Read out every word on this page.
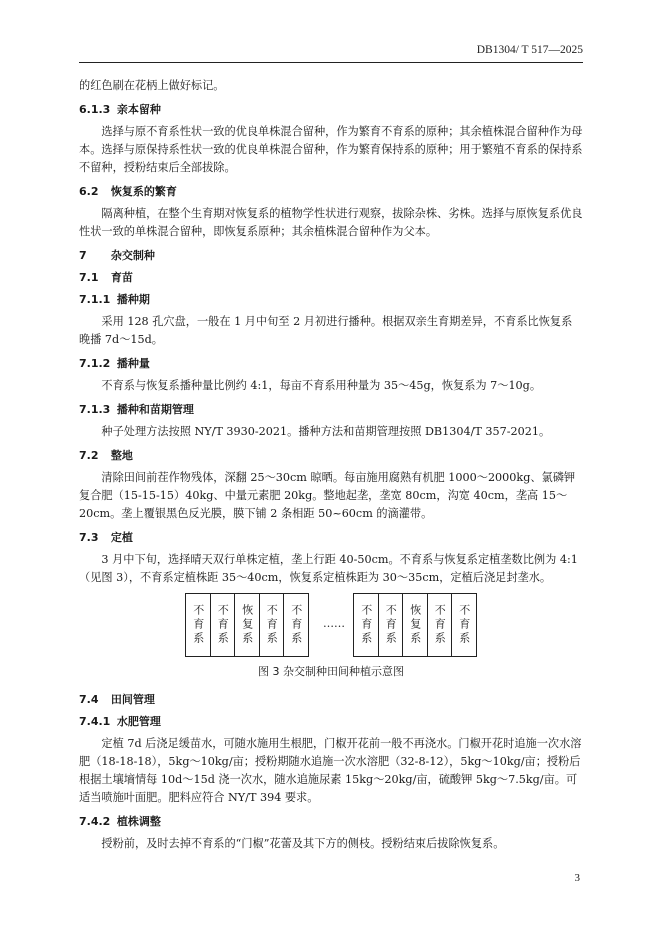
DB1304/ T 517—2025

的红色刷在花柄上做好标记。

6.1.3 亲本留种

选择与原不育系性状一致的优良单株混合留种，作为繁育不育系的原种；其余植株混合留种作为母本。选择与原保持系性状一致的优良单株混合留种，作为繁育保持系的原种；用于繁殖不育系的保持系不留种，授粉结束后全部拔除。

6.2 恢复系的繁育

隔离种植，在整个生育期对恢复系的植物学性状进行观察，拔除杂株、劣株。选择与原恢复系优良性状一致的单株混合留种，即恢复系原种；其余植株混合留种作为父本。

7 杂交制种
7.1 育苗
7.1.1 播种期

采用 128 孔穴盘，一般在 1 月中旬至 2 月初进行播种。根据双亲生育期差异，不育系比恢复系晚播 7d～15d。

7.1.2 播种量

不育系与恢复系播种量比例约 4:1，每亩不育系用种量为 35～45g，恢复系为 7～10g。

7.1.3 播种和苗期管理

种子处理方法按照 NY/T 3930-2021。播种方法和苗期管理按照 DB1304/T 357-2021。

7.2 整地

清除田间前茬作物残体，深翻 25～30cm 晾晒。每亩施用腐熟有机肥 1000～2000kg、氯磷钾复合肥（15-15-15）40kg、中量元素肥 20kg。整地起垄，垄宽 80cm，沟宽 40cm，垄高 15～20cm。垄上覆银黑色反光膜，膜下铺 2 条相距 50~60cm 的滴灌带。

7.3 定植

3 月中下旬，选择晴天双行单株定植，垄上行距 40-50cm。不育系与恢复系定植垄数比例为 4:1（见图 3），不育系定植株距 35～40cm，恢复系定植株距为 30～35cm，定植后浇足封垄水。

不育系	不育系	恢复系	不育系	不育系	……	不育系	不育系	恢复系	不育系	不育系

图 3 杂交制种田间种植示意图

7.4 田间管理
7.4.1 水肥管理

定植 7d 后浇足缓苗水，可随水施用生根肥，门椒开花前一般不再浇水。门椒开花时追施一次水溶肥（18-18-18），5kg～10kg/亩；授粉期随水追施一次水溶肥（32-8-12），5kg～10kg/亩；授粉后根据土壤墒情每 10d～15d 浇一次水，随水追施尿素 15kg～20kg/亩，硫酸钾 5kg～7.5kg/亩。可适当喷施叶面肥。肥料应符合 NY/T 394 要求。

7.4.2 植株调整

授粉前，及时去掉不育系的“门椒”花蕾及其下方的侧枝。授粉结束后拔除恢复系。

3
